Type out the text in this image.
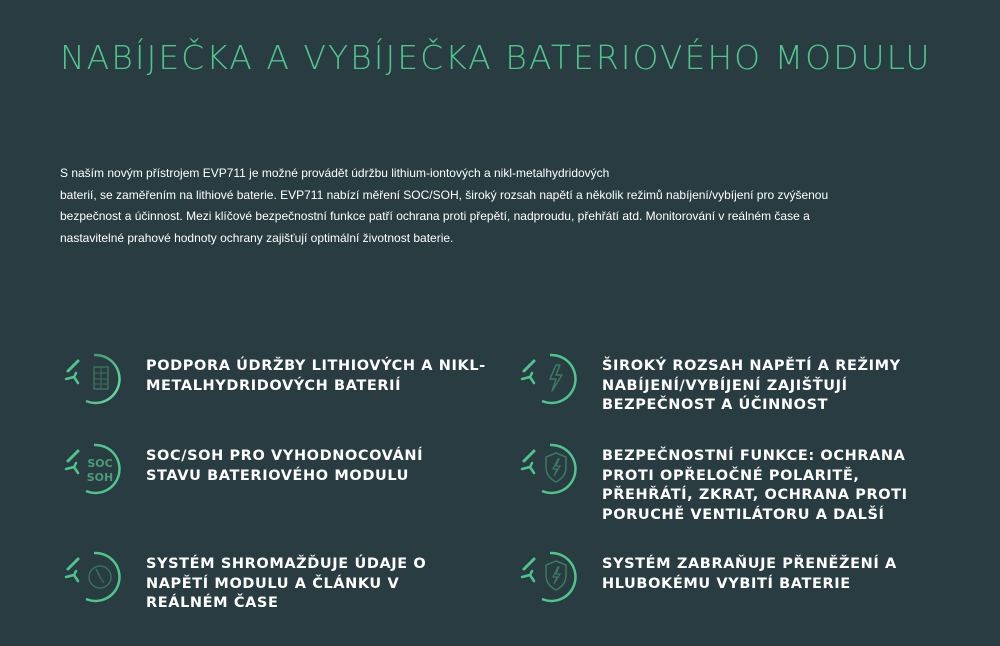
NABÍJEČKA A VYBÍJEČKA BATERIOVÉHO MODULU

S naším novým přístrojem EVP711 je možné provádět údržbu lithium-iontových a nikl-metalhydridových
baterií, se zaměřením na lithiové baterie. EVP711 nabízí měření SOC/SOH, široký rozsah napětí a několik režimů nabíjení/vybíjení pro zvýšenou
bezpečnost a účinnost. Mezi klíčové bezpečnostní funkce patří ochrana proti přepětí, nadproudu, přehřátí atd. Monitorování v reálném čase a
nastavitelné prahové hodnoty ochrany zajišťují optimální životnost baterie.

PODPORA ÚDRŽBY LITHIOVÝCH A NIKL-METALHYDRIDOVÝCH BATERIÍ
ŠIROKÝ ROZSAH NAPĚTÍ A REŽIMY NABÍJENÍ/VYBÍJENÍ ZAJIŠŤUJÍ BEZPEČNOST A ÚČINNOST
SOC
SOH
SOC/SOH PRO VYHODNOCOVÁNÍ STAVU BATERIOVÉHO MODULU
BEZPEČNOSTNÍ FUNKCE: OCHRANA PROTI OPŘELOČNÉ POLARITĚ, PŘEHŘÁTÍ, ZKRAT, OCHRANA PROTI PORUCHĚ VENTILÁTORU A DALŠÍ
SYSTÉM SHROMAŽĎUJE ÚDAJE O NAPĚTÍ MODULU A ČLÁNKU V REÁLNÉM ČASE
SYSTÉM ZABRAŇUJE PŘENĚŽENÍ A HLUBOKÉMU VYBITÍ BATERIE
